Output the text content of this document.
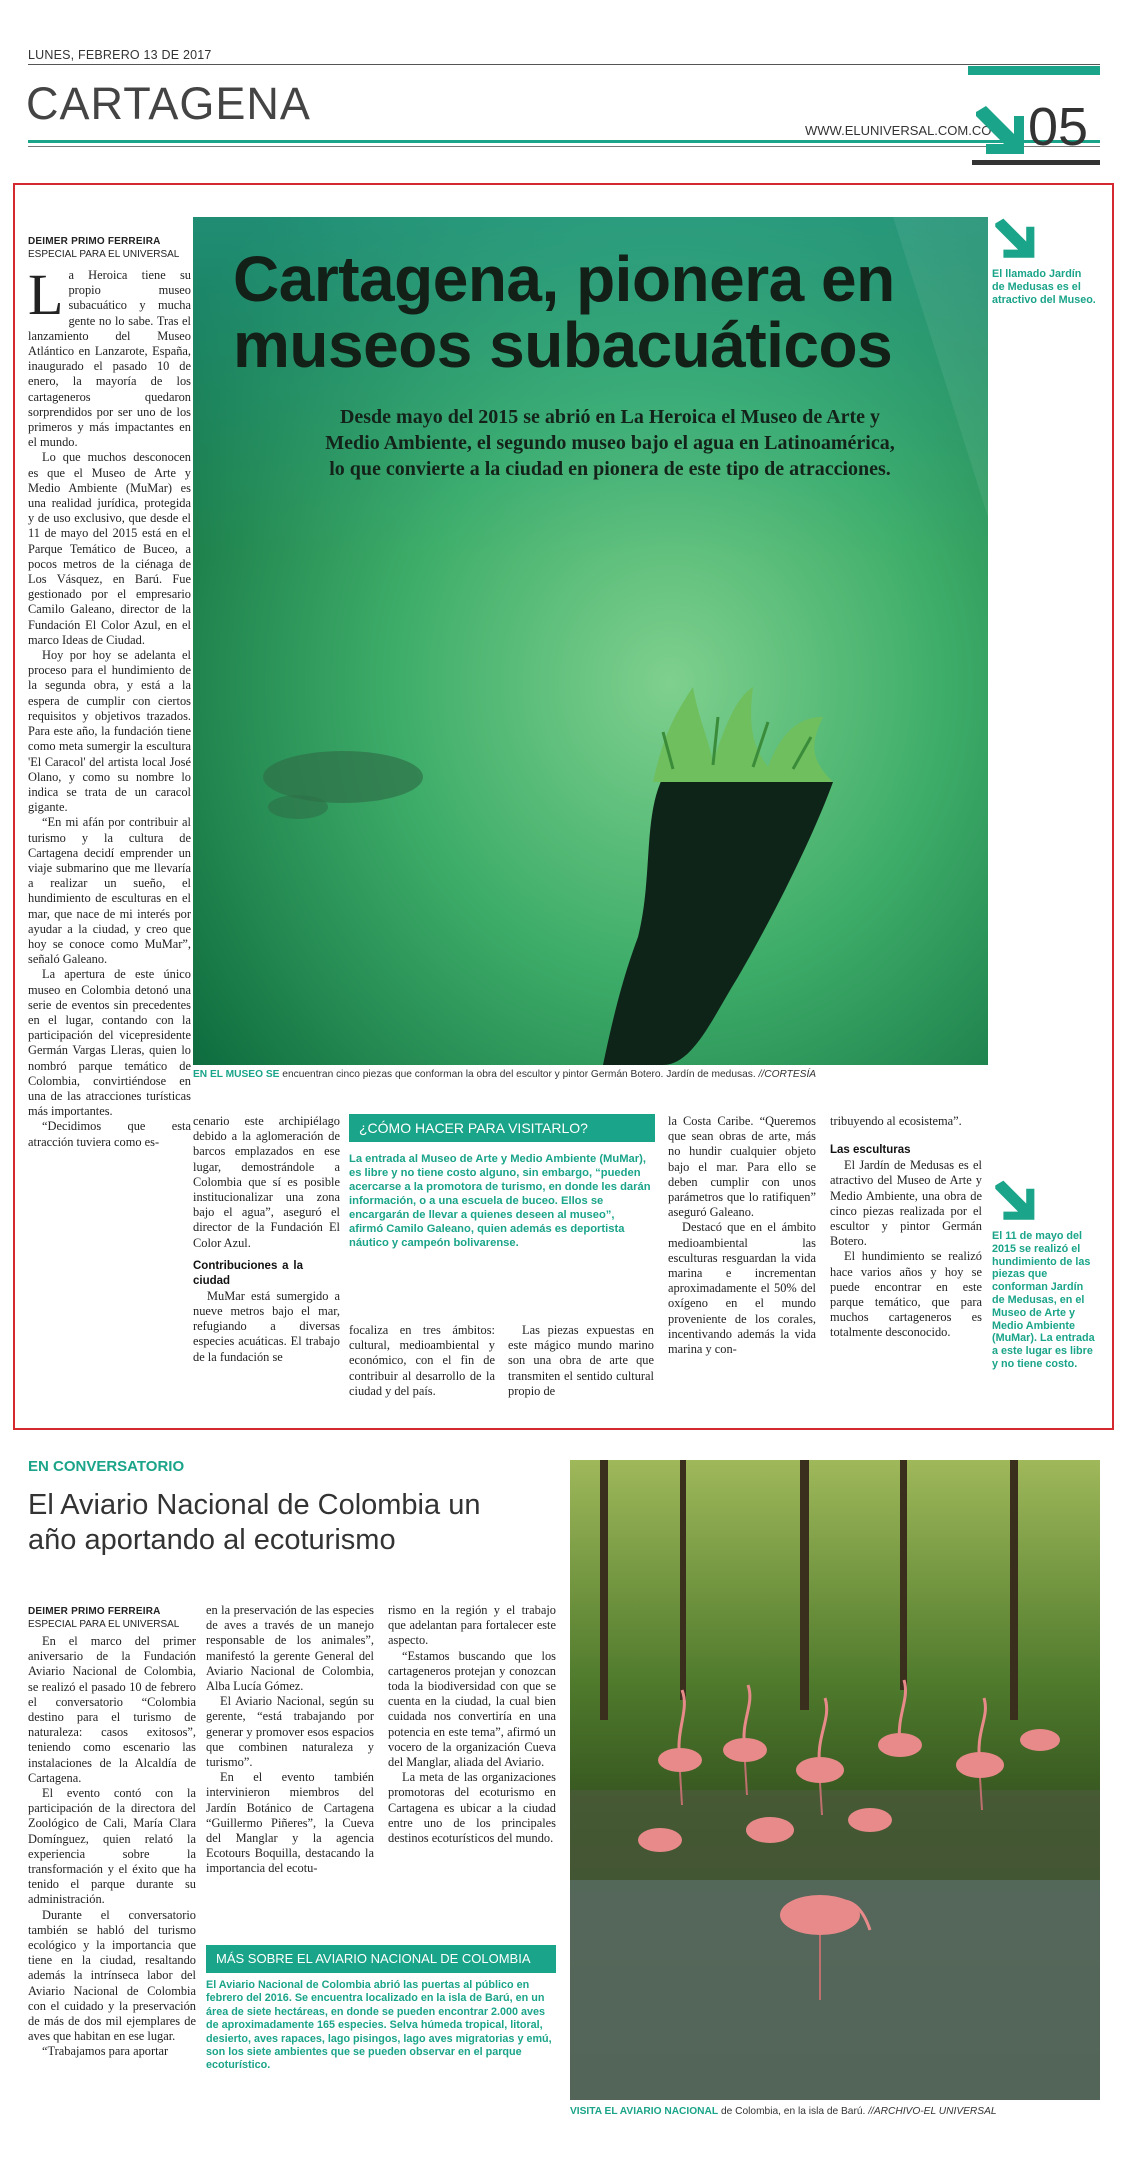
LUNES, FEBRERO 13 DE 2017
CARTAGENA
WWW.ELUNIVERSAL.COM.CO 05
DEIMER PRIMO FERREIRA
ESPECIAL PARA EL UNIVERSAL

La Heroica tiene su propio museo subacuático y mucha gente no lo sabe. Tras el lanzamiento del Museo Atlántico en Lanzarote, España, inaugurado el pasado 10 de enero, la mayoría de los cartageneros quedaron sorprendidos por ser uno de los primeros y más impactantes en el mundo.

Lo que muchos desconocen es que el Museo de Arte y Medio Ambiente (MuMar) es una realidad jurídica, protegida y de uso exclusivo, que desde el 11 de mayo del 2015 está en el Parque Temático de Buceo, a pocos metros de la ciénaga de Los Vásquez, en Barú. Fue gestionado por el empresario Camilo Galeano, director de la Fundación El Color Azul, en el marco Ideas de Ciudad.

Hoy por hoy se adelanta el proceso para el hundimiento de la segunda obra, y está a la espera de cumplir con ciertos requisitos y objetivos trazados. Para este año, la fundación tiene como meta sumergir la escultura 'El Caracol' del artista local José Olano, y como su nombre lo indica se trata de un caracol gigante.

“En mi afán por contribuir al turismo y la cultura de Cartagena decidí emprender un viaje submarino que me llevaría a realizar un sueño, el hundimiento de esculturas en el mar, que nace de mi interés por ayudar a la ciudad, y creo que hoy se conoce como MuMar”, señaló Galeano.

La apertura de este único museo en Colombia detonó una serie de eventos sin precedentes en el lugar, contando con la participación del vicepresidente Germán Vargas Lleras, quien lo nombró parque temático de Colombia, convirtiéndose en una de las atracciones turísticas más importantes.

“Decidimos que esta atracción tuviera como es-

Cartagena, pionera en
museos subacuáticos
Desde mayo del 2015 se abrió en La Heroica el Museo de Arte y
Medio Ambiente, el segundo museo bajo el agua en Latinoamérica,
lo que convierte a la ciudad en pionera de este tipo de atracciones.
EN EL MUSEO SE encuentran cinco piezas que conforman la obra del escultor y pintor Germán Botero. Jardín de medusas. //CORTESÍA
El llamado Jardín de Medusas es el atractivo del Museo.
El 11 de mayo del 2015 se realizó el hundimiento de las piezas que conforman Jardín de Medusas, en el Museo de Arte y Medio Ambiente (MuMar). La entrada a este lugar es libre y no tiene costo.

cenario este archipiélago debido a la aglomeración de barcos emplazados en ese lugar, demostrándole a Colombia que sí es posible institucionalizar una zona bajo el agua”, aseguró el director de la Fundación El Color Azul.

Contribuciones a la ciudad

MuMar está sumergido a nueve metros bajo el mar, refugiando a diversas especies acuáticas. El trabajo de la fundación se

¿CÓMO HACER PARA VISITARLO?
La entrada al Museo de Arte y Medio Ambiente (MuMar), es libre y no tiene costo alguno, sin embargo, “pueden acercarse a la promotora de turismo, en donde les darán información, o a una escuela de buceo. Ellos se encargarán de llevar a quienes deseen al museo”, afirmó Camilo Galeano, quien además es deportista náutico y campeón bolivarense.

focaliza en tres ámbitos: cultural, medioambiental y económico, con el fin de contribuir al desarrollo de la ciudad y del país.

Las piezas expuestas en este mágico mundo marino son una obra de arte que transmiten el sentido cultural propio de

la Costa Caribe. “Queremos que sean obras de arte, más no hundir cualquier objeto bajo el mar. Para ello se deben cumplir con unos parámetros que lo ratifiquen” aseguró Galeano.

Destacó que en el ámbito medioambiental las esculturas resguardan la vida marina e incrementan aproximadamente el 50% del oxígeno en el mundo proveniente de los corales, incentivando además la vida marina y con-

tribuyendo al ecosistema”.

Las esculturas

El Jardín de Medusas es el atractivo del Museo de Arte y Medio Ambiente, una obra de cinco piezas realizada por el escultor y pintor Germán Botero.

El hundimiento se realizó hace varios años y hoy se puede encontrar en este parque temático, que para muchos cartageneros es totalmente desconocido.

EN CONVERSATORIO
El Aviario Nacional de Colombia un
año aportando al ecoturismo
DEIMER PRIMO FERREIRA
ESPECIAL PARA EL UNIVERSAL

En el marco del primer aniversario de la Fundación Aviario Nacional de Colombia, se realizó el pasado 10 de febrero el conversatorio “Colombia destino para el turismo de naturaleza: casos exitosos”, teniendo como escenario las instalaciones de la Alcaldía de Cartagena.

El evento contó con la participación de la directora del Zoológico de Cali, María Clara Domínguez, quien relató la experiencia sobre la transformación y el éxito que ha tenido el parque durante su administración.

Durante el conversatorio también se habló del turismo ecológico y la importancia que tiene en la ciudad, resaltando además la intrínseca labor del Aviario Nacional de Colombia con el cuidado y la preservación de más de dos mil ejemplares de aves que habitan en ese lugar.

“Trabajamos para aportar

en la preservación de las especies de aves a través de un manejo responsable de los animales”, manifestó la gerente General del Aviario Nacional de Colombia, Alba Lucía Gómez.

El Aviario Nacional, según su gerente, “está trabajando por generar y promover esos espacios que combinen naturaleza y turismo”.

En el evento también intervinieron miembros del Jardín Botánico de Cartagena “Guillermo Piñeres”, la Cueva del Manglar y la agencia Ecotours Boquilla, destacando la importancia del ecotu-

rismo en la región y el trabajo que adelantan para fortalecer este aspecto.

“Estamos buscando que los cartageneros protejan y conozcan toda la biodiversidad con que se cuenta en la ciudad, la cual bien cuidada nos convertiría en una potencia en este tema”, afirmó un vocero de la organización Cueva del Manglar, aliada del Aviario.

La meta de las organizaciones promotoras del ecoturismo en Cartagena es ubicar a la ciudad entre uno de los principales destinos ecoturísticos del mundo.

MÁS SOBRE EL AVIARIO NACIONAL DE COLOMBIA
El Aviario Nacional de Colombia abrió las puertas al público en febrero del 2016. Se encuentra localizado en la isla de Barú, en un área de siete hectáreas, en donde se pueden encontrar 2.000 aves de aproximadamente 165 especies. Selva húmeda tropical, litoral, desierto, aves rapaces, lago pisingos, lago aves migratorias y emú, son los siete ambientes que se pueden observar en el parque ecoturístico.
VISITA EL AVIARIO NACIONAL de Colombia, en la isla de Barú. //ARCHIVO-EL UNIVERSAL
